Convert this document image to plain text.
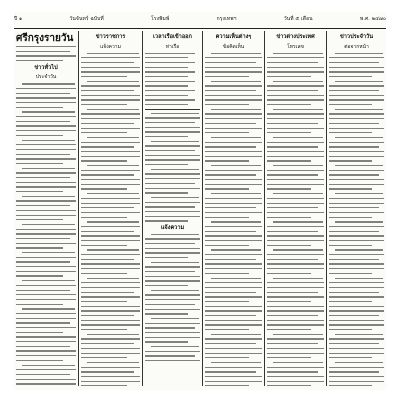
ปี ๑	วันจันทร์ ฉบับที่	โรงพิมพ์	กรุงเทพฯ	วันที่ ๕ เดือน	พ.ศ. ๒๔๗๐
ศรีกรุงรายวัน
ข่าวทั่วไป
ประจำวัน
ข่าวราชการ
แจ้งความ
เวลาเรือเข้าออก
ท่าเรือ
แจ้งความ
ความเห็นต่างๆ
ข้อคิดเห็น
ข่าวต่างประเทศ
โทรเลข
ข่าวประจำวัน
ต่อจากหน้า
